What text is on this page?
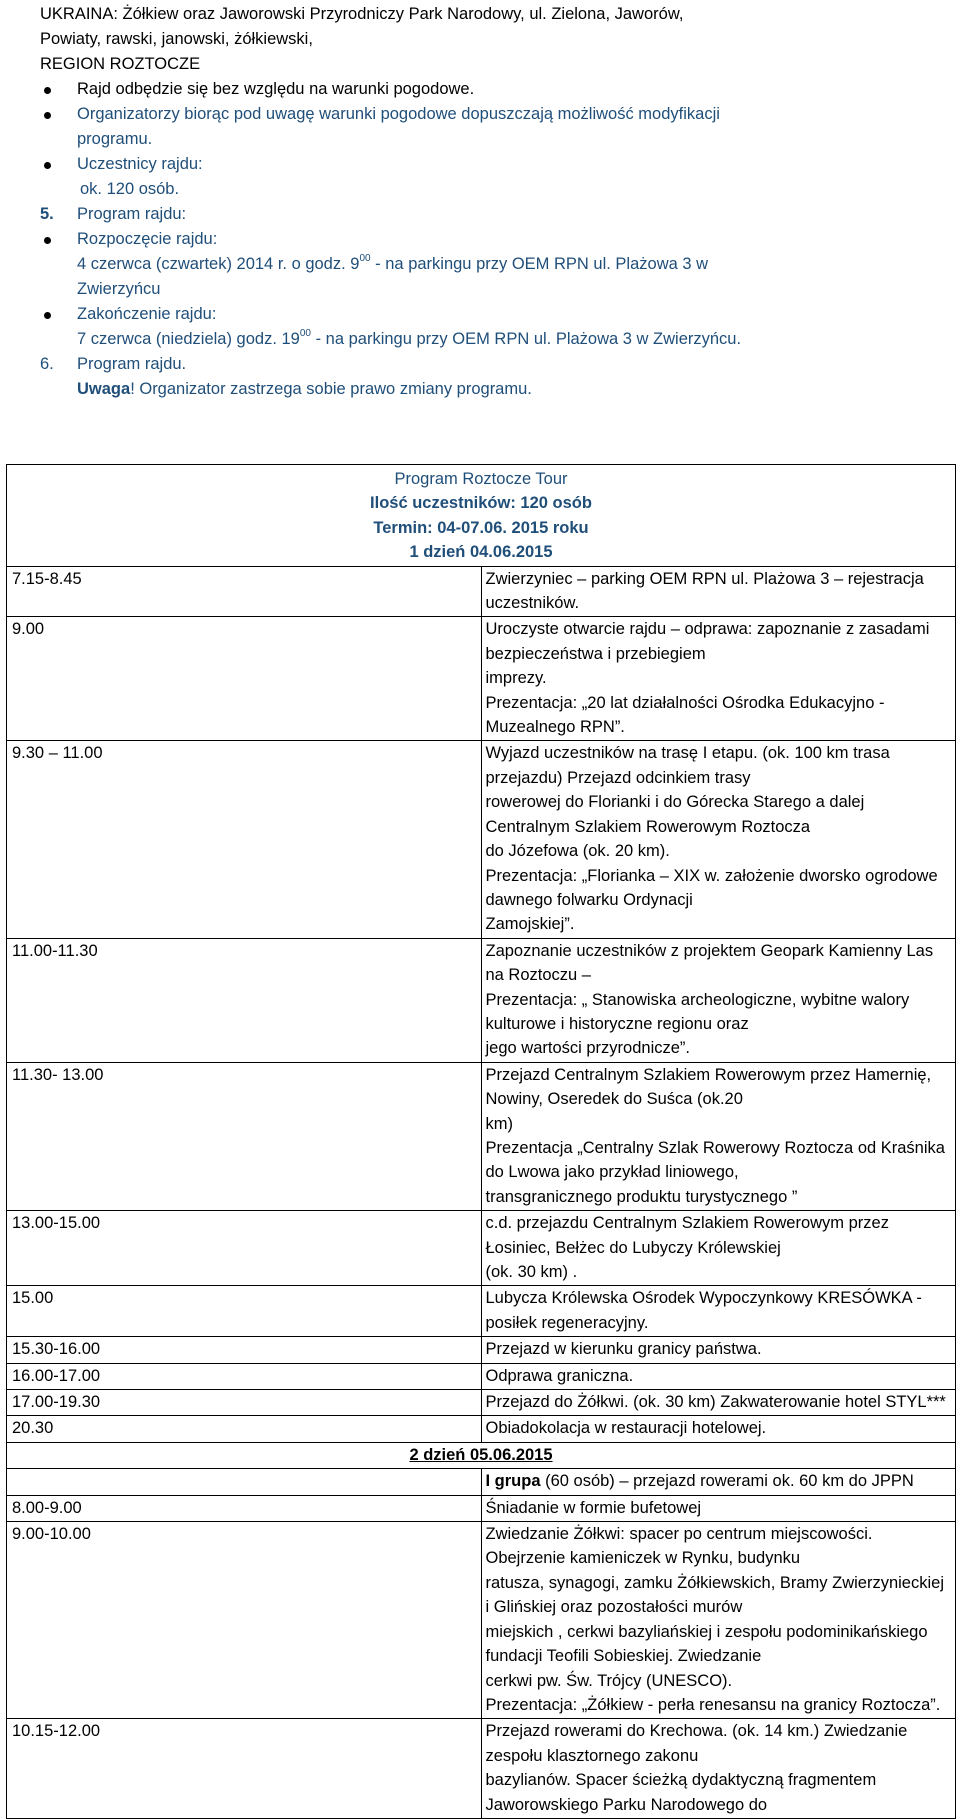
UKRAINA: Żółkiew oraz Jaworowski Przyrodniczy Park Narodowy, ul. Zielona, Jaworów,
Powiaty, rawski, janowski, żółkiewski,
REGION ROZTOCZE
Rajd odbędzie się bez względu na warunki pogodowe.
Organizatorzy biorąc pod uwagę warunki pogodowe dopuszczają możliwość modyfikacji
programu.
Uczestnicy rajdu:
ok. 120 osób.
5. Program rajdu:
Rozpoczęcie rajdu:
4 czerwca (czwartek) 2014 r. o godz. $9^{00}$ - na parkingu przy OEM RPN ul. Plażowa 3 w
Zwierzyńcu
Zakończenie rajdu:
7 czerwca (niedziela) godz. $19^{00}$ - na parkingu przy OEM RPN ul. Plażowa 3 w Zwierzyńcu.
6. Program rajdu.
Uwaga! Organizator zastrzega sobie prawo zmiany programu.
Program Roztocze Tour
Ilość uczestników: 120 osób
Termin: 04-07.06. 2015 roku
1 dzień 04.06.2015	

7.15-8.45	Zwierzyniec – parking OEM RPN ul. Plażowa 3 – rejestracja uczestników.

9.00	Uroczyste otwarcie rajdu – odprawa: zapoznanie z zasadami bezpieczeństwa i przebiegiem
imprezy.
Prezentacja: „20 lat działalności Ośrodka Edukacyjno - Muzealnego RPN”.

9.30 – 11.00	Wyjazd uczestników na trasę I etapu. (ok. 100 km trasa przejazdu) Przejazd odcinkiem trasy
rowerowej do Florianki i do Górecka Starego a dalej Centralnym Szlakiem Rowerowym Roztocza
do Józefowa (ok. 20 km).
Prezentacja: „Florianka – XIX w. założenie dworsko ogrodowe dawnego folwarku Ordynacji
Zamojskiej”.

11.00-11.30	Zapoznanie uczestników z projektem Geopark Kamienny Las na Roztoczu –
Prezentacja: „ Stanowiska archeologiczne, wybitne walory kulturowe i historyczne regionu oraz
jego wartości przyrodnicze”.

11.30- 13.00	Przejazd Centralnym Szlakiem Rowerowym przez Hamernię, Nowiny, Oseredek do Suśca (ok.20
km)
Prezentacja „Centralny Szlak Rowerowy Roztocza od Kraśnika do Lwowa jako przykład liniowego,
transgranicznego produktu turystycznego ”

13.00-15.00	c.d. przejazdu Centralnym Szlakiem Rowerowym przez Łosiniec, Bełżec do Lubyczy Królewskiej
(ok. 30 km) .

15.00	Lubycza Królewska Ośrodek Wypoczynkowy KRESÓWKA - posiłek regeneracyjny.

15.30-16.00	Przejazd w kierunku granicy państwa.

16.00-17.00	Odprawa graniczna.

17.00-19.30	Przejazd do Żółkwi. (ok. 30 km) Zakwaterowanie hotel STYL***

20.30	Obiadokolacja w restauracji hotelowej.

2 dzień 05.06.2015	
	I grupa (60 osób) – przejazd rowerami ok. 60 km do JPPN
8.00-9.00	Śniadanie w formie bufetowej

9.00-10.00	Zwiedzanie Żółkwi: spacer po centrum miejscowości. Obejrzenie kamieniczek w Rynku, budynku
ratusza, synagogi, zamku Żółkiewskich, Bramy Zwierzynieckiej i Glińskiej oraz pozostałości murów
miejskich , cerkwi bazyliańskiej i zespołu podominikańskiego fundacji Teofili Sobieskiej. Zwiedzanie
cerkwi pw. Św. Trójcy (UNESCO).
Prezentacja: „Żółkiew - perła renesansu na granicy Roztocza”.

10.15-12.00	Przejazd rowerami do Krechowa. (ok. 14 km.) Zwiedzanie zespołu klasztornego zakonu
bazylianów. Spacer ścieżką dydaktyczną fragmentem Jaworowskiego Parku Narodowego do
